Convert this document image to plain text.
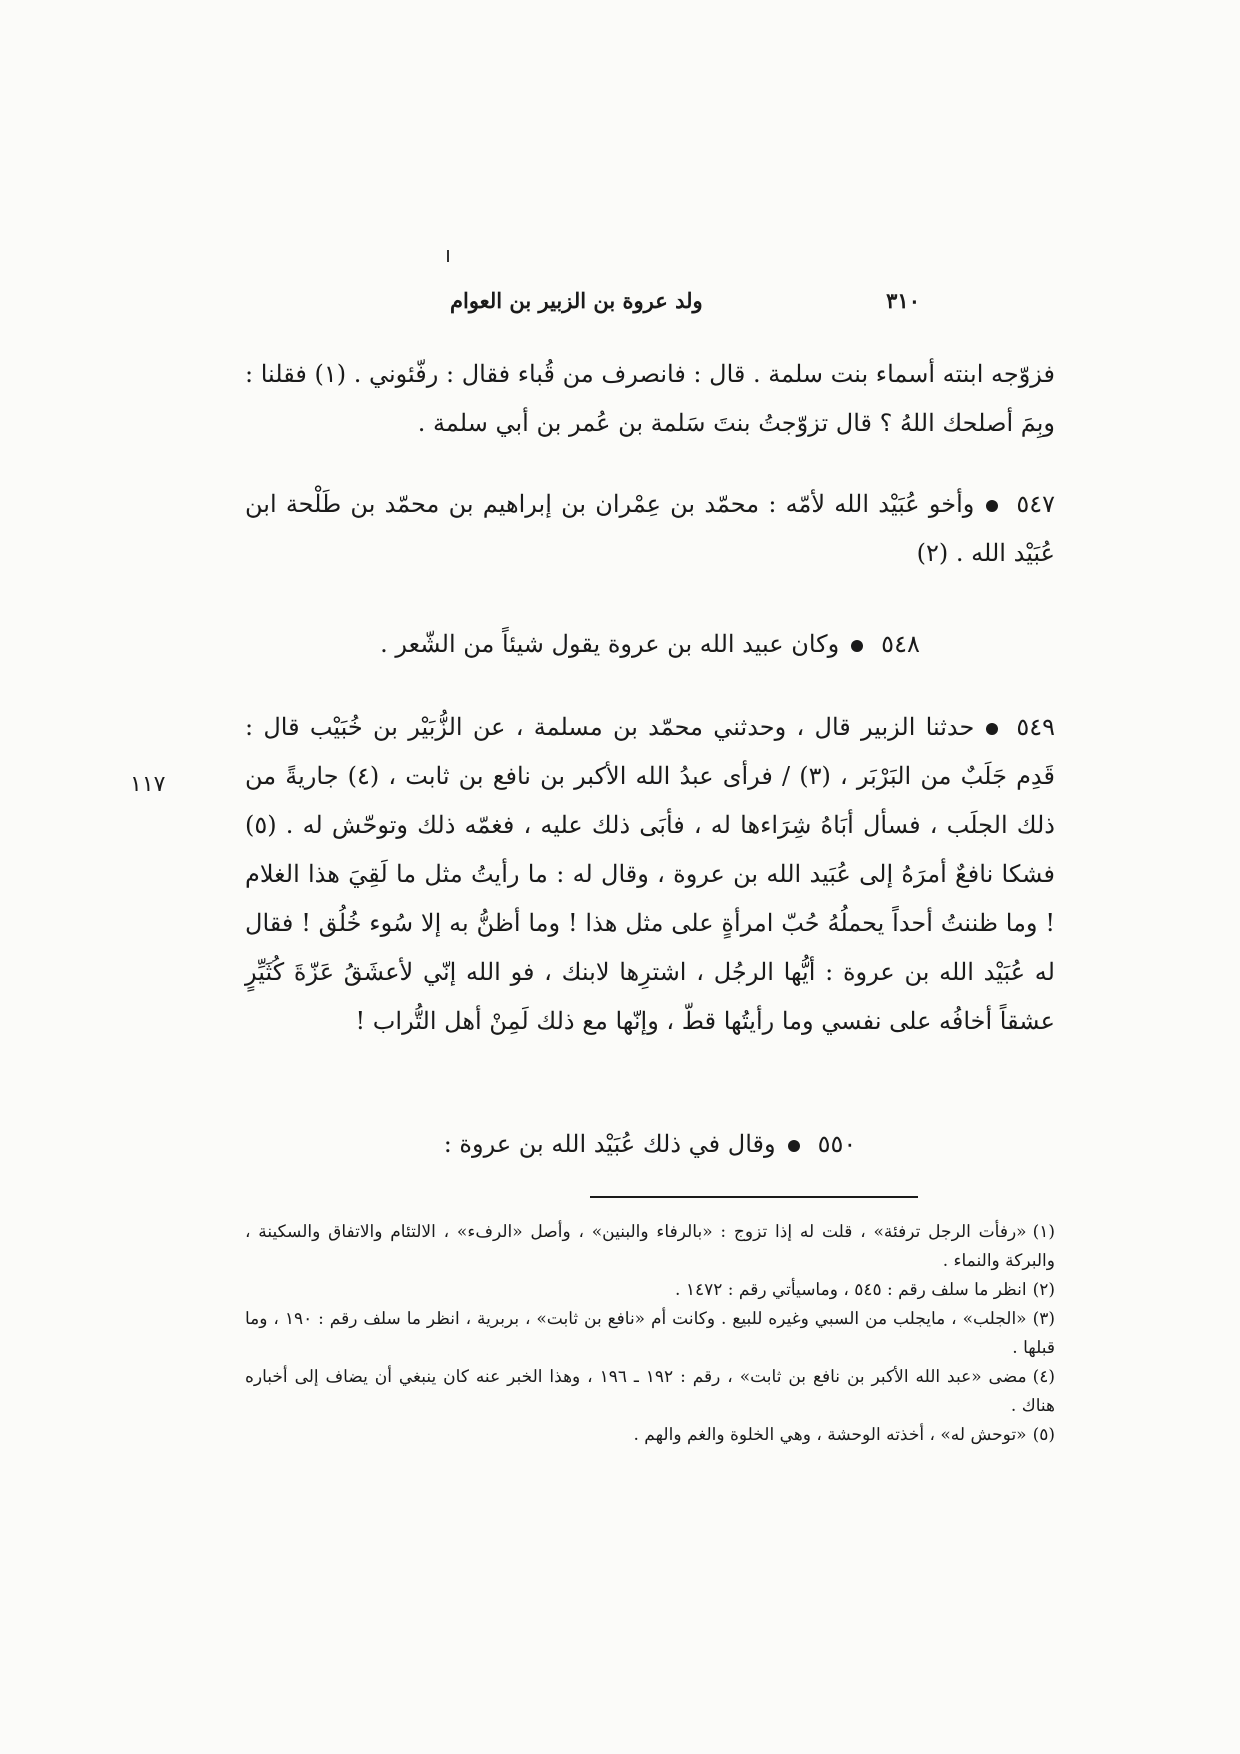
٣١٠
ولد عروة بن الزبير بن العوام

فزوّجه ابنته أسماء بنت سلمة . قال : فانصرف من قُباء فقال : رفّئوني . (١) فقلنا : وبِمَ أصلحك اللهُ ؟ قال تزوّجتُ بنتَ سَلمة بن عُمر بن أبي سلمة .

٥٤٧وأخو عُبَيْد الله لأمّه : محمّد بن عِمْران بن إبراهيم بن محمّد بن طَلْحة ابن عُبَيْد الله . (٢)

٥٤٨وكان عبيد الله بن عروة يقول شيئاً من الشّعر .

٥٤٩حدثنا الزبير قال ، وحدثني محمّد بن مسلمة ، عن الزُّبَيْر بن خُبَيْب قال : قَدِم جَلَبٌ من البَرْبَر ، (٣) / فرأى عبدُ الله الأكبر بن نافع بن ثابت ، (٤) جاريةً من ذلك الجلَب ، فسأل أبَاهُ شِرَاءها له ، فأبَى ذلك عليه ، فغمّه ذلك وتوحّش له . (٥) فشكا نافعٌ أمرَهُ إلى عُبَيد الله بن عروة ، وقال له : ما رأيتُ مثل ما لَقِيَ هذا الغلام ! وما ظننتُ أحداً يحملُهُ حُبّ امرأةٍ على مثل هذا ! وما أظنُّ به إلا سُوء خُلُق ! فقال له عُبَيْد الله بن عروة : أيُّها الرجُل ، اشترِها لابنك ، فو الله إنّي لأعشَقُ عَزّةَ كُثَيِّرٍ عشقاً أخافُه على نفسي وما رأيتُها قطّ ، وإنّها مع ذلك لَمِنْ أهل التُّراب !

١١٧

٥٥٠وقال في ذلك عُبَيْد الله بن عروة :

(١)«رفأت الرجل ترفئة» ، قلت له إذا تزوج : «بالرفاء والبنين» ، وأصل «الرفء» ، الالتئام والاتفاق والسكينة ، والبركة والنماء .

(٢)انظر ما سلف رقم : ٥٤٥ ، وماسيأتي رقم : ١٤٧٢ .

(٣)«الجلب» ، مايجلب من السبي وغيره للبيع . وكانت أم «نافع بن ثابت» ، بربرية ، انظر ما سلف رقم : ١٩٠ ، وما قبلها .

(٤)مضى «عبد الله الأكبر بن نافع بن ثابت» ، رقم : ١٩٢ ـ ١٩٦ ، وهذا الخبر عنه كان ينبغي أن يضاف إلى أخباره هناك .

(٥)«توحش له» ، أخذته الوحشة ، وهي الخلوة والغم والهم .
